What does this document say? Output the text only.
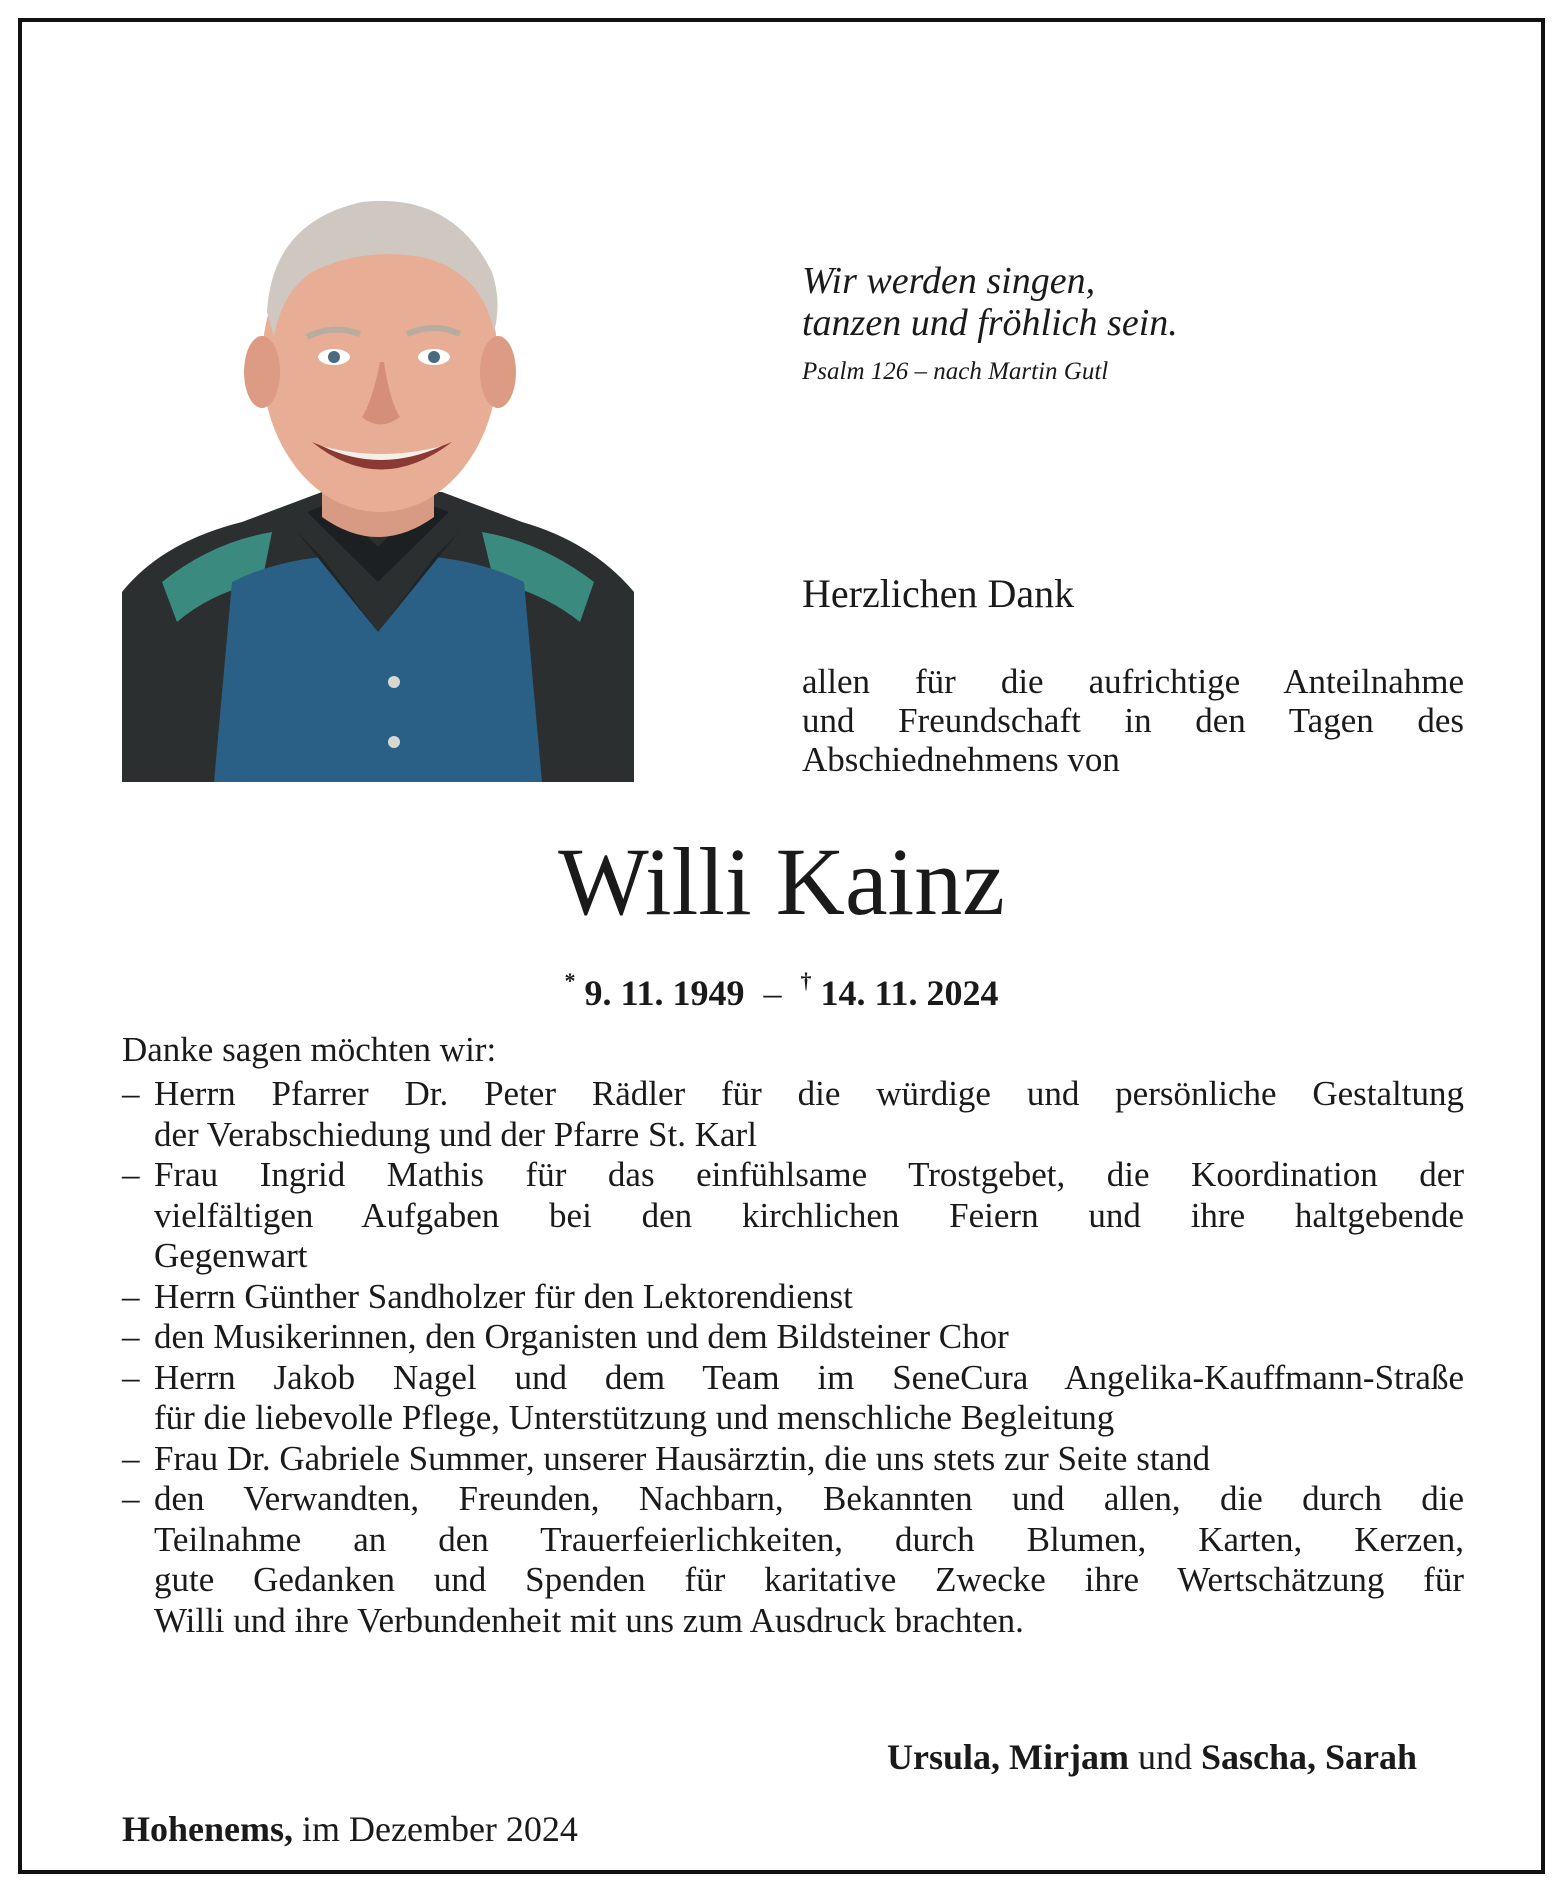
Wir werden singen,
tanzen und fröhlich sein.
Psalm 126 – nach Martin Gutl
Herzlichen Dank
allen für die aufrichtige Anteilnahme
und Freundschaft in den Tagen des
Abschiednehmens von
Willi Kainz
* 9. 11. 1949 – † 14. 11. 2024
Danke sagen möchten wir:
– Herrn Pfarrer Dr. Peter Rädler für die würdige und persönliche Gestaltung
der Verabschiedung und der Pfarre St. Karl
– Frau Ingrid Mathis für das einfühlsame Trostgebet, die Koordination der
vielfältigen Aufgaben bei den kirchlichen Feiern und ihre haltgebende
Gegenwart
– Herrn Günther Sandholzer für den Lektorendienst
– den Musikerinnen, den Organisten und dem Bildsteiner Chor
– Herrn Jakob Nagel und dem Team im SeneCura Angelika-Kauffmann-Straße
für die liebevolle Pflege, Unterstützung und menschliche Begleitung
– Frau Dr. Gabriele Summer, unserer Hausärztin, die uns stets zur Seite stand
– den Verwandten, Freunden, Nachbarn, Bekannten und allen, die durch die
Teilnahme an den Trauerfeierlichkeiten, durch Blumen, Karten, Kerzen,
gute Gedanken und Spenden für karitative Zwecke ihre Wertschätzung für
Willi und ihre Verbundenheit mit uns zum Ausdruck brachten.
Ursula, Mirjam und Sascha, Sarah
Hohenems, im Dezember 2024
